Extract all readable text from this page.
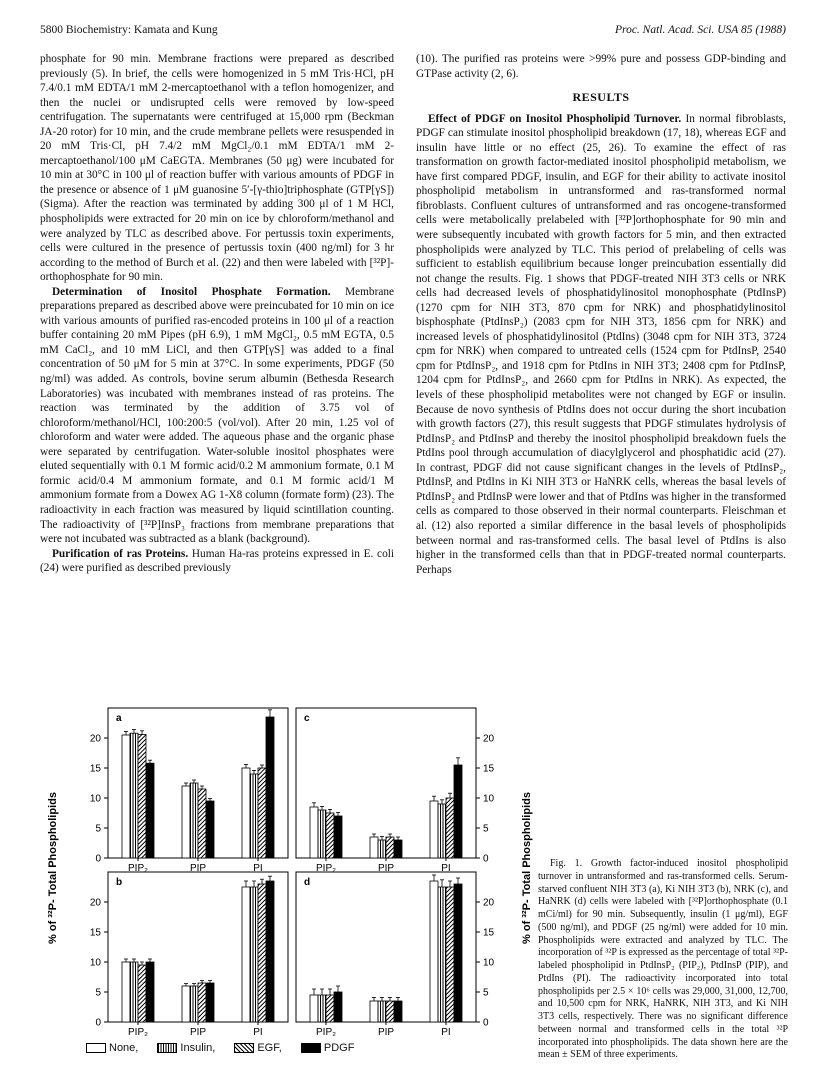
5800 Biochemistry: Kamata and Kung	Proc. Natl. Acad. Sci. USA 85 (1988)

phosphate for 90 min. Membrane fractions were prepared as described previously (5). In brief, the cells were homogenized in 5 mM Tris·HCl, pH 7.4/0.1 mM EDTA/1 mM 2-mercaptoethanol with a teflon homogenizer, and then the nuclei or undisrupted cells were removed by low-speed centrifugation. The supernatants were centrifuged at 15,000 rpm (Beckman JA-20 rotor) for 10 min, and the crude membrane pellets were resuspended in 20 mM Tris·Cl, pH 7.4/2 mM MgCl₂/0.1 mM EDTA/1 mM 2-mercaptoethanol/100 μM CaEGTA. Membranes (50 μg) were incubated for 10 min at 30°C in 100 μl of reaction buffer with various amounts of PDGF in the presence or absence of 1 μM guanosine 5′-[γ-thio]triphosphate (GTP[γS]) (Sigma). After the reaction was terminated by adding 300 μl of 1 M HCl, phospholipids were extracted for 20 min on ice by chloroform/methanol and were analyzed by TLC as described above. For pertussis toxin experiments, cells were cultured in the presence of pertussis toxin (400 ng/ml) for 3 hr according to the method of Burch et al. (22) and then were labeled with [³²P]-orthophosphate for 90 min.

Determination of Inositol Phosphate Formation. Membrane preparations prepared as described above were preincubated for 10 min on ice with various amounts of purified ras-encoded proteins in 100 μl of a reaction buffer containing 20 mM Pipes (pH 6.9), 1 mM MgCl₂, 0.5 mM EGTA, 0.5 mM CaCl₂, and 10 mM LiCl, and then GTP[γS] was added to a final concentration of 50 μM for 5 min at 37°C. In some experiments, PDGF (50 ng/ml) was added. As controls, bovine serum albumin (Bethesda Research Laboratories) was incubated with membranes instead of ras proteins. The reaction was terminated by the addition of 3.75 vol of chloroform/methanol/HCl, 100:200:5 (vol/vol). After 20 min, 1.25 vol of chloroform and water were added. The aqueous phase and the organic phase were separated by centrifugation. Water-soluble inositol phosphates were eluted sequentially with 0.1 M formic acid/0.2 M ammonium formate, 0.1 M formic acid/0.4 M ammonium formate, and 0.1 M formic acid/1 M ammonium formate from a Dowex AG 1-X8 column (formate form) (23). The radioactivity in each fraction was measured by liquid scintillation counting. The radioactivity of [³²P]InsP₃ fractions from membrane preparations that were not incubated was subtracted as a blank (background).

Purification of ras Proteins. Human Ha-ras proteins expressed in E. coli (24) were purified as described previously

(10). The purified ras proteins were >99% pure and possess GDP-binding and GTPase activity (2, 6).

RESULTS

Effect of PDGF on Inositol Phospholipid Turnover. In normal fibroblasts, PDGF can stimulate inositol phospholipid breakdown (17, 18), whereas EGF and insulin have little or no effect (25, 26). To examine the effect of ras transformation on growth factor-mediated inositol phospholipid metabolism, we have first compared PDGF, insulin, and EGF for their ability to activate inositol phospholipid metabolism in untransformed and ras-transformed normal fibroblasts. Confluent cultures of untransformed and ras oncogene-transformed cells were metabolically prelabeled with [³²P]orthophosphate for 90 min and were subsequently incubated with growth factors for 5 min, and then extracted phospholipids were analyzed by TLC. This period of prelabeling of cells was sufficient to establish equilibrium because longer preincubation essentially did not change the results. Fig. 1 shows that PDGF-treated NIH 3T3 cells or NRK cells had decreased levels of phosphatidylinositol monophosphate (PtdInsP) (1270 cpm for NIH 3T3, 870 cpm for NRK) and phosphatidylinositol bisphosphate (PtdInsP₂) (2083 cpm for NIH 3T3, 1856 cpm for NRK) and increased levels of phosphatidylinositol (PtdIns) (3048 cpm for NIH 3T3, 3724 cpm for NRK) when compared to untreated cells (1524 cpm for PtdInsP, 2540 cpm for PtdInsP₂, and 1918 cpm for PtdIns in NIH 3T3; 2408 cpm for PtdInsP, 1204 cpm for PtdInsP₂, and 2660 cpm for PtdIns in NRK). As expected, the levels of these phospholipid metabolites were not changed by EGF or insulin. Because de novo synthesis of PtdIns does not occur during the short incubation with growth factors (27), this result suggests that PDGF stimulates hydrolysis of PtdInsP₂ and PtdInsP and thereby the inositol phospholipid breakdown fuels the PtdIns pool through accumulation of diacylglycerol and phosphatidic acid (27). In contrast, PDGF did not cause significant changes in the levels of PtdInsP₂, PtdInsP, and PtdIns in Ki NIH 3T3 or HaNRK cells, whereas the basal levels of PtdInsP₂ and PtdInsP were lower and that of PtdIns was higher in the transformed cells as compared to those observed in their normal counterparts. Fleischman et al. (12) also reported a similar difference in the basal levels of phospholipids between normal and ras-transformed cells. The basal level of PtdIns is also higher in the transformed cells than that in PDGF-treated normal counterparts. Perhaps

a
0
5
10
15
20
PIP₂	PIP	PI
b
0
5
10
15
20
PIP₂	PIP	PI
c
0
5
10
15
20
PIP₂	PIP	PI
d
0
5
10
15
20
PIP₂	PIP	PI
% of ³²P- Total Phospholipids	% of ³²P- Total Phospholipids
None,	Insulin,	EGF,	PDGF

Fig. 1. Growth factor-induced inositol phospholipid turnover in untransformed and ras-transformed cells. Serum-starved confluent NIH 3T3 (a), Ki NIH 3T3 (b), NRK (c), and HaNRK (d) cells were labeled with [³²P]orthophosphate (0.1 mCi/ml) for 90 min. Subsequently, insulin (1 μg/ml), EGF (500 ng/ml), and PDGF (25 ng/ml) were added for 10 min. Phospholipids were extracted and analyzed by TLC. The incorporation of ³²P is expressed as the percentage of total ³²P-labeled phospholipid in PtdInsP₂ (PIP₂), PtdInsP (PIP), and PtdIns (PI). The radioactivity incorporated into total phospholipids per 2.5 × 10⁶ cells was 29,000, 31,000, 12,700, and 10,500 cpm for NRK, HaNRK, NIH 3T3, and Ki NIH 3T3 cells, respectively. There was no significant difference between normal and transformed cells in the total ³²P incorporated into phospholipids. The data shown here are the mean ± SEM of three experiments.
